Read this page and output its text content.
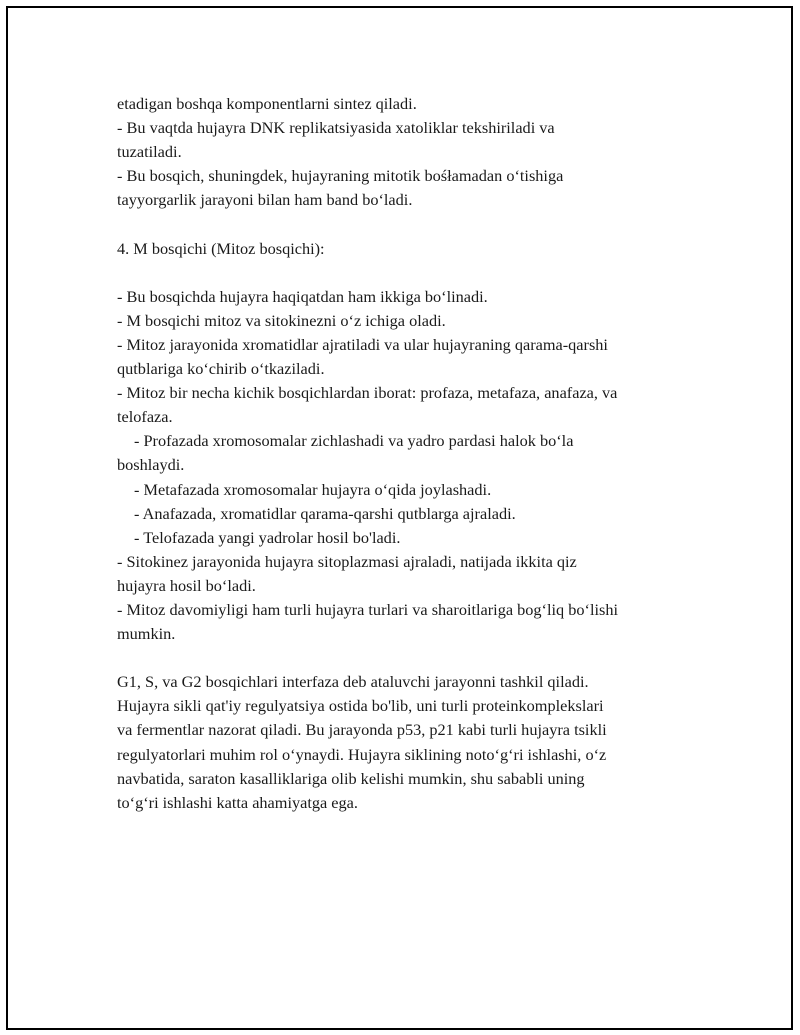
etadigan boshqa komponentlarni sintez qiladi.

- Bu vaqtda hujayra DNK replikatsiyasida xatoliklar tekshiriladi va

tuzatiladi.

- Bu bosqich, shuningdek, hujayraning mitotik bośłamadan o‘tishiga

tayyorgarlik jarayoni bilan ham band bo‘ladi.

4. M bosqichi (Mitoz bosqichi):

- Bu bosqichda hujayra haqiqatdan ham ikkiga bo‘linadi.

- M bosqichi mitoz va sitokinezni o‘z ichiga oladi.

- Mitoz jarayonida xromatidlar ajratiladi va ular hujayraning qarama-qarshi

qutblariga ko‘chirib o‘tkaziladi.

- Mitoz bir necha kichik bosqichlardan iborat: profaza, metafaza, anafaza, va

telofaza.

- Profazada xromosomalar zichlashadi va yadro pardasi halok bo‘la

boshlaydi.

- Metafazada xromosomalar hujayra o‘qida joylashadi.

- Anafazada, xromatidlar qarama-qarshi qutblarga ajraladi.

- Telofazada yangi yadrolar hosil bo'ladi.

- Sitokinez jarayonida hujayra sitoplazmasi ajraladi, natijada ikkita qiz

hujayra hosil bo‘ladi.

- Mitoz davomiyligi ham turli hujayra turlari va sharoitlariga bog‘liq bo‘lishi

mumkin.

G1, S, va G2 bosqichlari interfaza deb ataluvchi jarayonni tashkil qiladi.

Hujayra sikli qat'iy regulyatsiya ostida bo'lib, uni turli proteinkomplekslari

va fermentlar nazorat qiladi. Bu jarayonda p53, p21 kabi turli hujayra tsikli

regulyatorlari muhim rol o‘ynaydi. Hujayra siklining noto‘g‘ri ishlashi, o‘z

navbatida, saraton kasalliklariga olib kelishi mumkin, shu sababli uning

to‘g‘ri ishlashi katta ahamiyatga ega.
